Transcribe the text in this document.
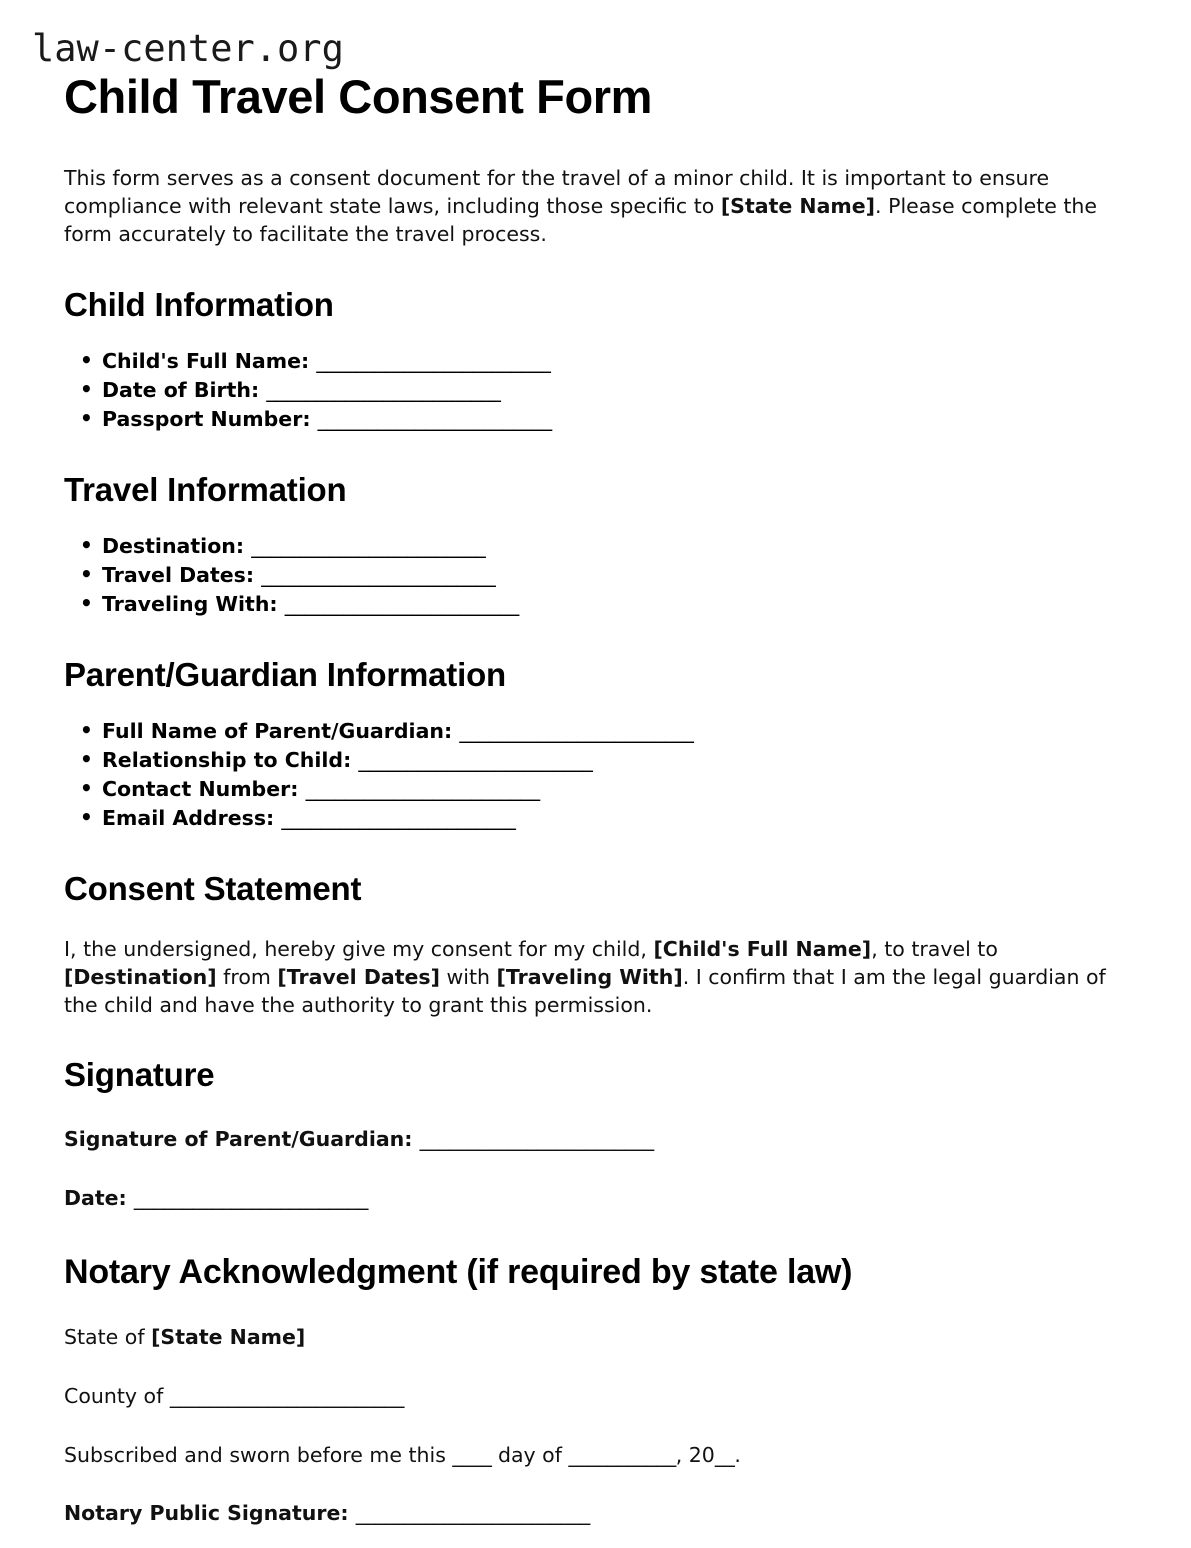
law-center.org
Child Travel Consent Form

This form serves as a consent document for the travel of a minor child. It is important to ensure compliance with relevant state laws, including those specific to [State Name]. Please complete the form accurately to facilitate the travel process.

Child Information
• Child's Full Name: ________________________
• Date of Birth: ________________________
• Passport Number: ________________________
Travel Information
• Destination: ________________________
• Travel Dates: ________________________
• Traveling With: ________________________
Parent/Guardian Information
• Full Name of Parent/Guardian: ________________________
• Relationship to Child: ________________________
• Contact Number: ________________________
• Email Address: ________________________
Consent Statement

I, the undersigned, hereby give my consent for my child, [Child's Full Name], to travel to [Destination] from [Travel Dates] with [Traveling With]. I confirm that I am the legal guardian of the child and have the authority to grant this permission.

Signature

Signature of Parent/Guardian: ________________________

Date: ________________________

Notary Acknowledgment (if required by state law)

State of [State Name]

County of ________________________

Subscribed and sworn before me this ____ day of ___________, 20__.

Notary Public Signature: ________________________
